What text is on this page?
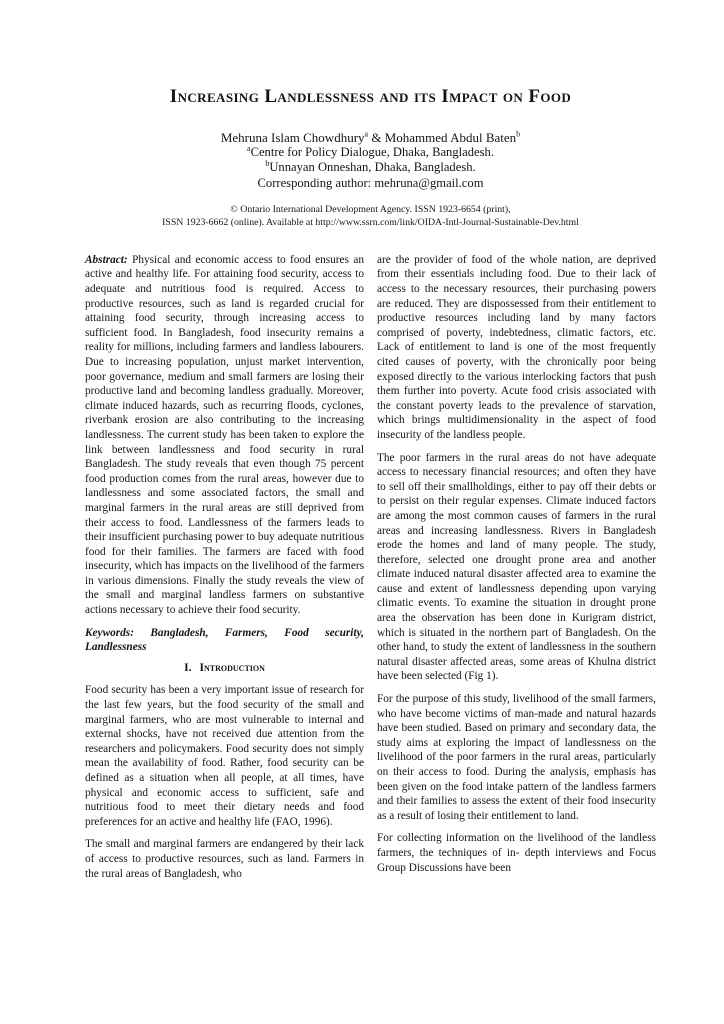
Increasing Landlessness and its Impact on Food
Mehruna Islam Chowdhury$^a$ & Mohammed Abdul Baten$^b$
$^a$Centre for Policy Dialogue, Dhaka, Bangladesh.
$^b$Unnayan Onneshan, Dhaka, Bangladesh.
Corresponding author: mehruna@gmail.com
© Ontario International Development Agency. ISSN 1923-6654 (print),
ISSN 1923-6662 (online). Available at http://www.ssrn.com/link/OIDA-Intl-Journal-Sustainable-Dev.html

Abstract: Physical and economic access to food ensures an active and healthy life. For attaining food security, access to adequate and nutritious food is required. Access to productive resources, such as land is regarded crucial for attaining food security, through increasing access to sufficient food. In Bangladesh, food insecurity remains a reality for millions, including farmers and landless labourers. Due to increasing population, unjust market intervention, poor governance, medium and small farmers are losing their productive land and becoming landless gradually. Moreover, climate induced hazards, such as recurring floods, cyclones, riverbank erosion are also contributing to the increasing landlessness. The current study has been taken to explore the link between landlessness and food security in rural Bangladesh. The study reveals that even though 75 percent food production comes from the rural areas, however due to landlessness and some associated factors, the small and marginal farmers in the rural areas are still deprived from their access to food. Landlessness of the farmers leads to their insufficient purchasing power to buy adequate nutritious food for their families. The farmers are faced with food insecurity, which has impacts on the livelihood of the farmers in various dimensions. Finally the study reveals the view of the small and marginal landless farmers on substantive actions necessary to achieve their food security.

Keywords: Bangladesh, Farmers, Food security, Landlessness

I. Introduction

Food security has been a very important issue of research for the last few years, but the food security of the small and marginal farmers, who are most vulnerable to internal and external shocks, have not received due attention from the researchers and policymakers. Food security does not simply mean the availability of food. Rather, food security can be defined as a situation when all people, at all times, have physical and economic access to sufficient, safe and nutritious food to meet their dietary needs and food preferences for an active and healthy life (FAO, 1996).

The small and marginal farmers are endangered by their lack of access to productive resources, such as land. Farmers in the rural areas of Bangladesh, who

are the provider of food of the whole nation, are deprived from their essentials including food. Due to their lack of access to the necessary resources, their purchasing powers are reduced. They are dispossessed from their entitlement to productive resources including land by many factors comprised of poverty, indebtedness, climatic factors, etc. Lack of entitlement to land is one of the most frequently cited causes of poverty, with the chronically poor being exposed directly to the various interlocking factors that push them further into poverty. Acute food crisis associated with the constant poverty leads to the prevalence of starvation, which brings multidimensionality in the aspect of food insecurity of the landless people.

The poor farmers in the rural areas do not have adequate access to necessary financial resources; and often they have to sell off their smallholdings, either to pay off their debts or to persist on their regular expenses. Climate induced factors are among the most common causes of farmers in the rural areas and increasing landlessness. Rivers in Bangladesh erode the homes and land of many people. The study, therefore, selected one drought prone area and another climate induced natural disaster affected area to examine the cause and extent of landlessness depending upon varying climatic events. To examine the situation in drought prone area the observation has been done in Kurigram district, which is situated in the northern part of Bangladesh. On the other hand, to study the extent of landlessness in the southern natural disaster affected areas, some areas of Khulna district have been selected (Fig 1).

For the purpose of this study, livelihood of the small farmers, who have become victims of man-made and natural hazards have been studied. Based on primary and secondary data, the study aims at exploring the impact of landlessness on the livelihood of the poor farmers in the rural areas, particularly on their access to food. During the analysis, emphasis has been given on the food intake pattern of the landless farmers and their families to assess the extent of their food insecurity as a result of losing their entitlement to land.

For collecting information on the livelihood of the landless farmers, the techniques of in- depth interviews and Focus Group Discussions have been
